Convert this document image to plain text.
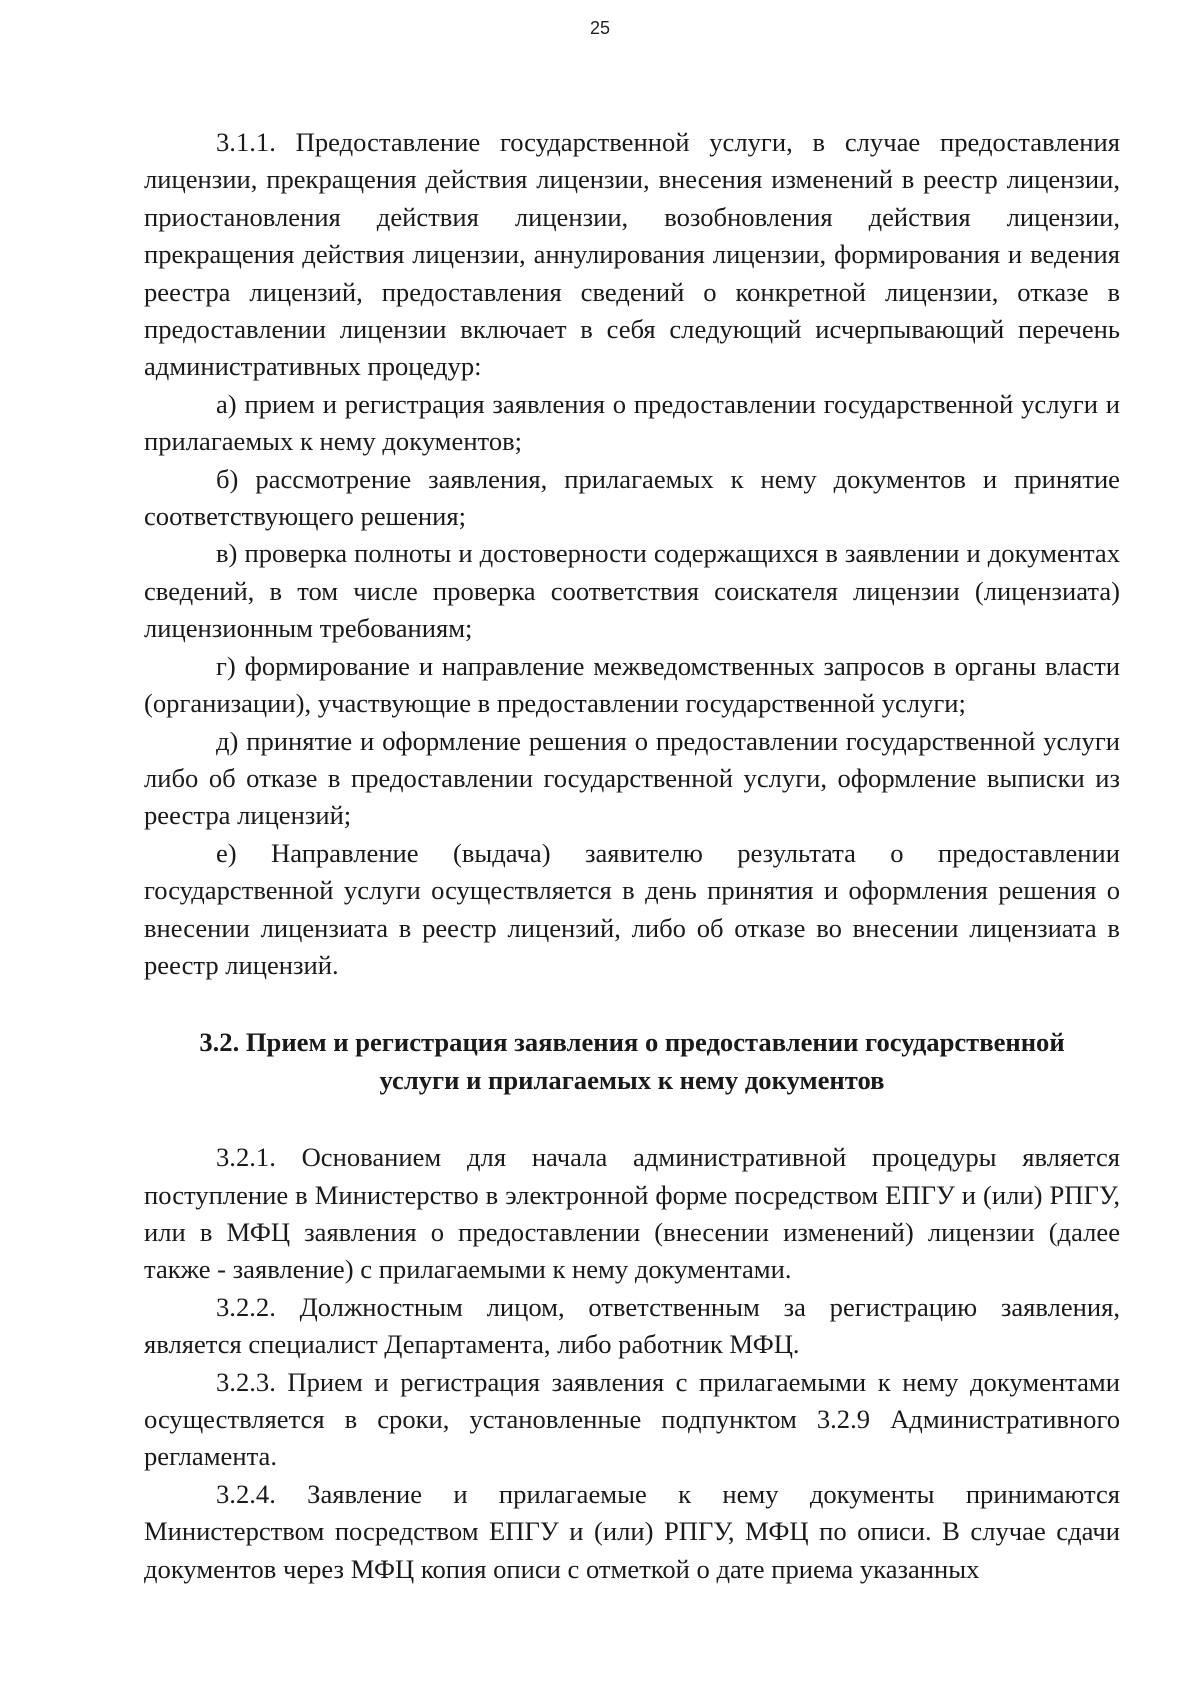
25

3.1.1. Предоставление государственной услуги, в случае предоставления лицензии, прекращения действия лицензии, внесения изменений в реестр лицензии, приостановления действия лицензии, возобновления действия лицензии, прекращения действия лицензии, аннулирования лицензии, формирования и ведения реестра лицензий, предоставления сведений о конкретной лицензии, отказе в предоставлении лицензии включает в себя следующий исчерпывающий перечень административных процедур:

а) прием и регистрация заявления о предоставлении государственной услуги и прилагаемых к нему документов;

б) рассмотрение заявления, прилагаемых к нему документов и принятие соответствующего решения;

в) проверка полноты и достоверности содержащихся в заявлении и документах сведений, в том числе проверка соответствия соискателя лицензии (лицензиата) лицензионным требованиям;

г) формирование и направление межведомственных запросов в органы власти (организации), участвующие в предоставлении государственной услуги;

д) принятие и оформление решения о предоставлении государственной услуги либо об отказе в предоставлении государственной услуги, оформление выписки из реестра лицензий;

е) Направление (выдача) заявителю результата о предоставлении государственной услуги осуществляется в день принятия и оформления решения о внесении лицензиата в реестр лицензий, либо об отказе во внесении лицензиата в реестр лицензий.

3.2. Прием и регистрация заявления о предоставлении государственной
услуги и прилагаемых к нему документов

3.2.1. Основанием для начала административной процедуры является поступление в Министерство в электронной форме посредством ЕПГУ и (или) РПГУ, или в МФЦ заявления о предоставлении (внесении изменений) лицензии (далее также - заявление) с прилагаемыми к нему документами.

3.2.2. Должностным лицом, ответственным за регистрацию заявления, является специалист Департамента, либо работник МФЦ.

3.2.3. Прием и регистрация заявления с прилагаемыми к нему документами осуществляется в сроки, установленные подпунктом 3.2.9 Административного регламента.

3.2.4. Заявление и прилагаемые к нему документы принимаются Министерством посредством ЕПГУ и (или) РПГУ, МФЦ по описи. В случае сдачи документов через МФЦ копия описи с отметкой о дате приема указанных
